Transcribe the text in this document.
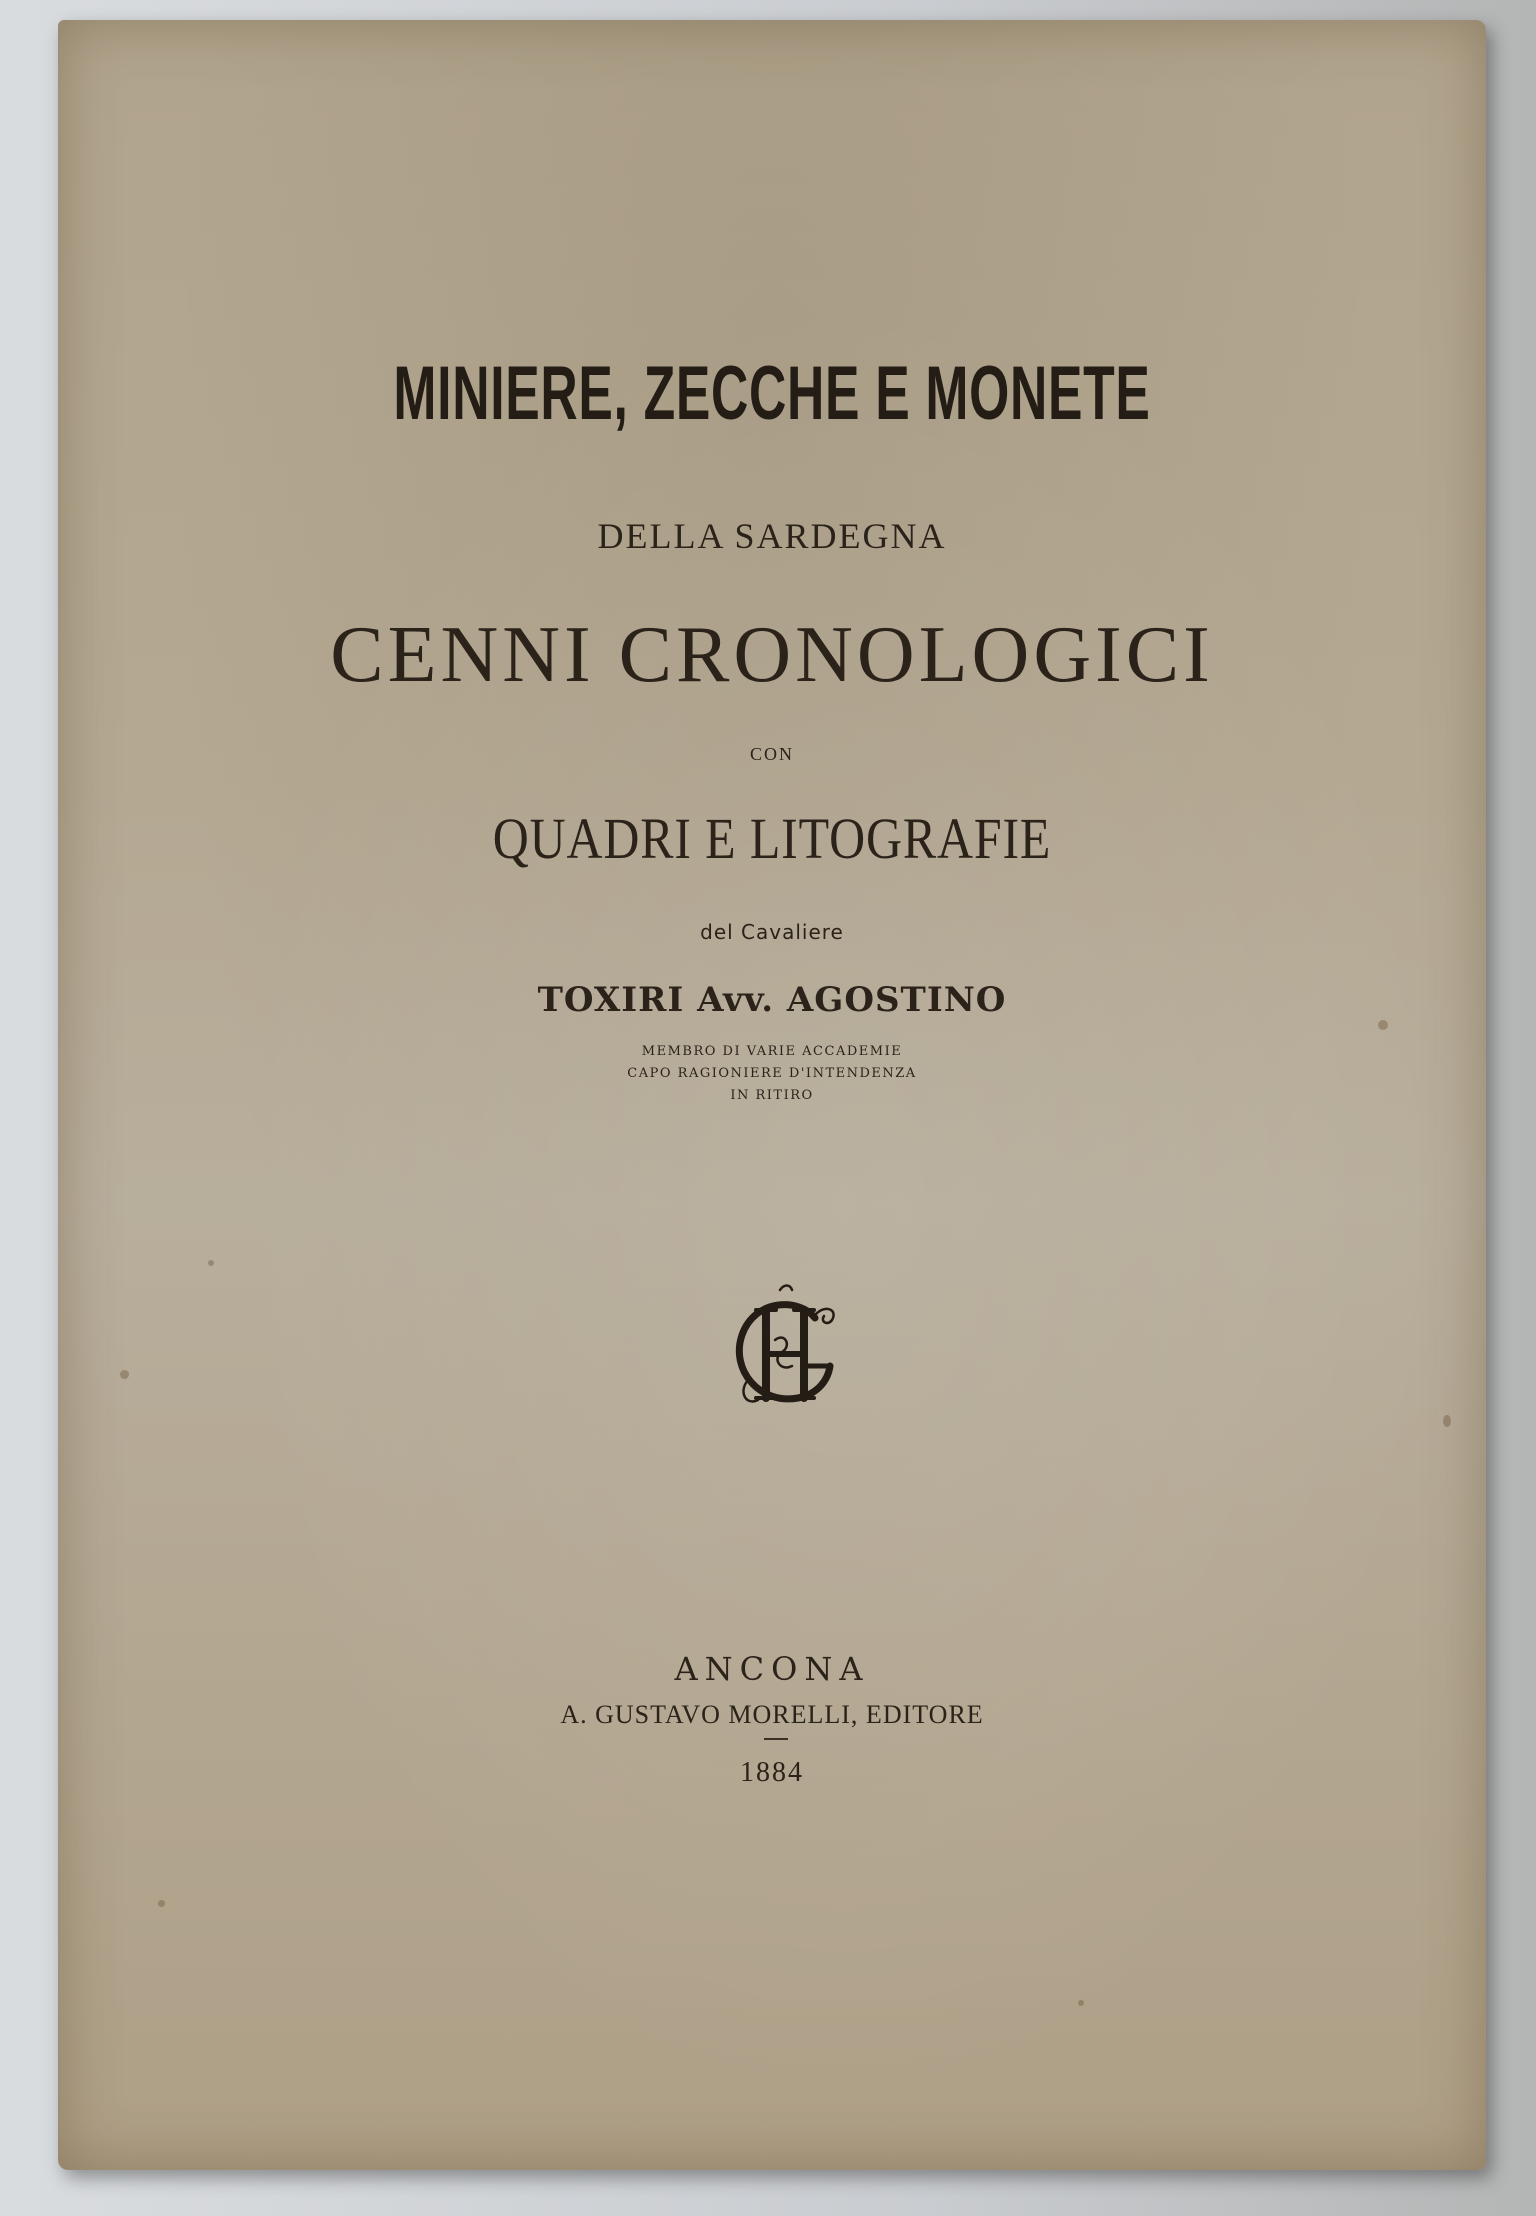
MINIERE, ZECCHE E MONETE
DELLA SARDEGNA
CENNI CRONOLOGICI
CON
QUADRI E LITOGRAFIE
del Cavaliere
TOXIRI Avv. AGOSTINO
MEMBRO DI VARIE ACCADEMIE
CAPO RAGIONIERE D'INTENDENZA
IN RITIRO
ANCONA
A. GUSTAVO MORELLI, EDITORE
1884
